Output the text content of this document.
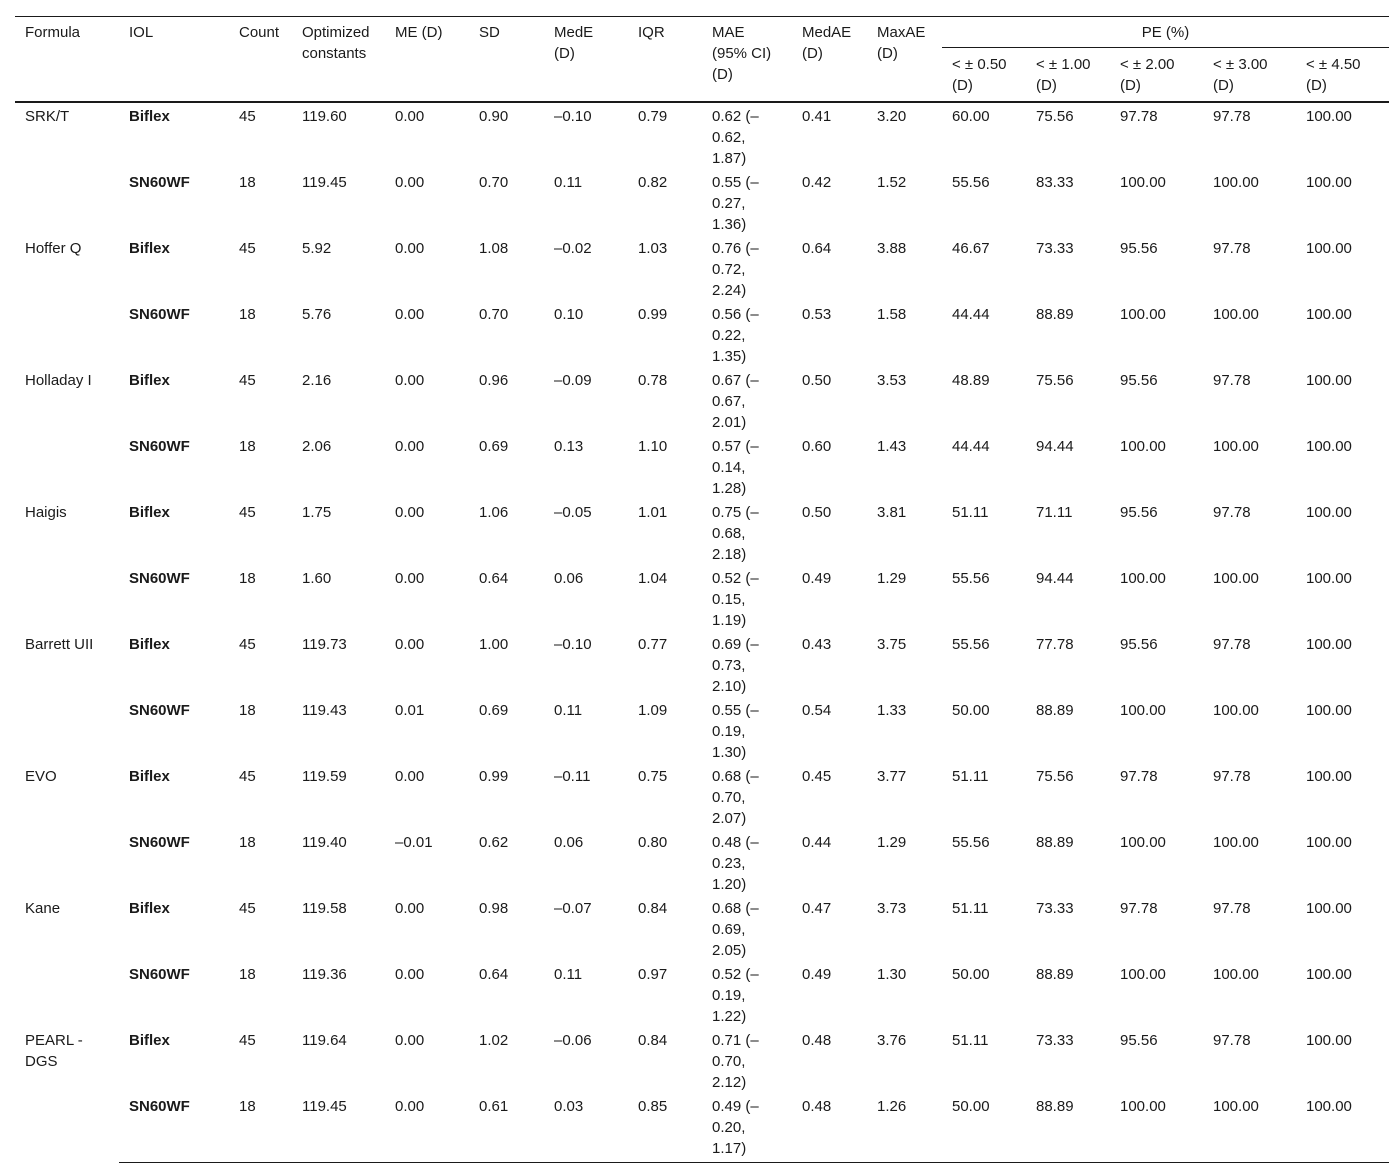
Formula	IOL	Count	Optimized constants	ME (D)	SD	MedE (D)	IQR	MAE (95% CI) (D)	MedAE (D)	MaxAE (D)	PE (%)				
											< ± 0.50 (D)	< ± 1.00 (D)	< ± 2.00 (D)	< ± 3.00 (D)	< ± 4.50 (D)
SRK/T	Biflex	45	119.60	0.00	0.90	–0.10	0.79	0.62 (–0.62, 1.87)	0.41	3.20	60.00	75.56	97.78	97.78	100.00
	SN60WF	18	119.45	0.00	0.70	0.11	0.82	0.55 (–0.27, 1.36)	0.42	1.52	55.56	83.33	100.00	100.00	100.00
Hoffer Q	Biflex	45	5.92	0.00	1.08	–0.02	1.03	0.76 (–0.72, 2.24)	0.64	3.88	46.67	73.33	95.56	97.78	100.00
	SN60WF	18	5.76	0.00	0.70	0.10	0.99	0.56 (–0.22, 1.35)	0.53	1.58	44.44	88.89	100.00	100.00	100.00
Holladay I	Biflex	45	2.16	0.00	0.96	–0.09	0.78	0.67 (–0.67, 2.01)	0.50	3.53	48.89	75.56	95.56	97.78	100.00
	SN60WF	18	2.06	0.00	0.69	0.13	1.10	0.57 (–0.14, 1.28)	0.60	1.43	44.44	94.44	100.00	100.00	100.00
Haigis	Biflex	45	1.75	0.00	1.06	–0.05	1.01	0.75 (–0.68, 2.18)	0.50	3.81	51.11	71.11	95.56	97.78	100.00
	SN60WF	18	1.60	0.00	0.64	0.06	1.04	0.52 (–0.15, 1.19)	0.49	1.29	55.56	94.44	100.00	100.00	100.00
Barrett UII	Biflex	45	119.73	0.00	1.00	–0.10	0.77	0.69 (–0.73, 2.10)	0.43	3.75	55.56	77.78	95.56	97.78	100.00
	SN60WF	18	119.43	0.01	0.69	0.11	1.09	0.55 (–0.19, 1.30)	0.54	1.33	50.00	88.89	100.00	100.00	100.00
EVO	Biflex	45	119.59	0.00	0.99	–0.11	0.75	0.68 (–0.70, 2.07)	0.45	3.77	51.11	75.56	97.78	97.78	100.00
	SN60WF	18	119.40	–0.01	0.62	0.06	0.80	0.48 (–0.23, 1.20)	0.44	1.29	55.56	88.89	100.00	100.00	100.00
Kane	Biflex	45	119.58	0.00	0.98	–0.07	0.84	0.68 (–0.69, 2.05)	0.47	3.73	51.11	73.33	97.78	97.78	100.00
	SN60WF	18	119.36	0.00	0.64	0.11	0.97	0.52 (–0.19, 1.22)	0.49	1.30	50.00	88.89	100.00	100.00	100.00
PEARL - DGS	Biflex	45	119.64	0.00	1.02	–0.06	0.84	0.71 (–0.70, 2.12)	0.48	3.76	51.11	73.33	95.56	97.78	100.00
	SN60WF	18	119.45	0.00	0.61	0.03	0.85	0.49 (–0.20, 1.17)	0.48	1.26	50.00	88.89	100.00	100.00	100.00
